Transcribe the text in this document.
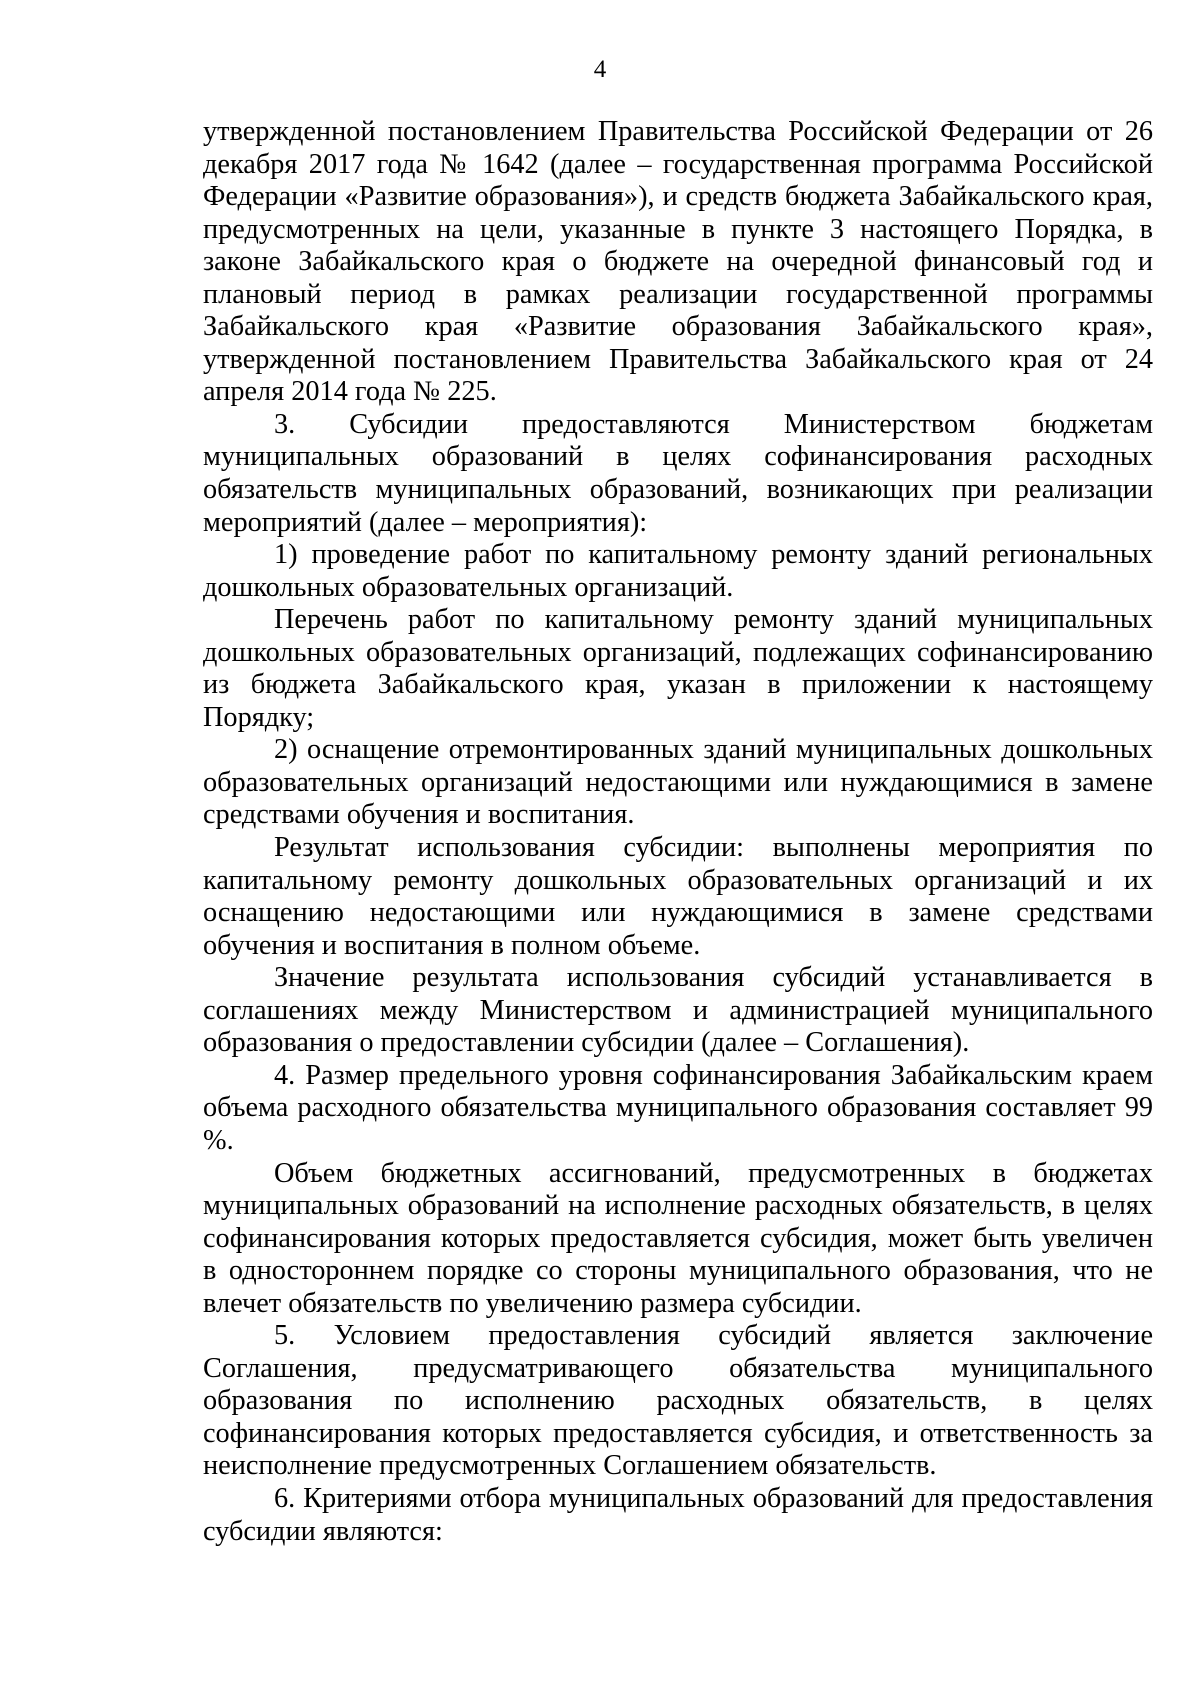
4

утвержденной постановлением Правительства Российской Федерации от 26 декабря 2017 года № 1642 (далее – государственная программа Российской Федерации «Развитие образования»), и средств бюджета Забайкальского края, предусмотренных на цели, указанные в пункте 3 настоящего Порядка, в законе Забайкальского края о бюджете на очередной финансовый год и плановый период в рамках реализации государственной программы Забайкальского края «Развитие образования Забайкальского края», утвержденной постановлением Правительства Забайкальского края от 24 апреля 2014 года № 225.

3. Субсидии предоставляются Министерством бюджетам муниципальных образований в целях софинансирования расходных обязательств муниципальных образований, возникающих при реализации мероприятий (далее – мероприятия):

1) проведение работ по капитальному ремонту зданий региональных дошкольных образовательных организаций.

Перечень работ по капитальному ремонту зданий муниципальных дошкольных образовательных организаций, подлежащих софинансированию из бюджета Забайкальского края, указан в приложении к настоящему Порядку;

2) оснащение отремонтированных зданий муниципальных дошкольных образовательных организаций недостающими или нуждающимися в замене средствами обучения и воспитания.

Результат использования субсидии: выполнены мероприятия по капитальному ремонту дошкольных образовательных организаций и их оснащению недостающими или нуждающимися в замене средствами обучения и воспитания в полном объеме.

Значение результата использования субсидий устанавливается в соглашениях между Министерством и администрацией муниципального образования о предоставлении субсидии (далее – Соглашения).

4. Размер предельного уровня софинансирования Забайкальским краем объема расходного обязательства муниципального образования составляет 99 %.

Объем бюджетных ассигнований, предусмотренных в бюджетах муниципальных образований на исполнение расходных обязательств, в целях софинансирования которых предоставляется субсидия, может быть увеличен в одностороннем порядке со стороны муниципального образования, что не влечет обязательств по увеличению размера субсидии.

5. Условием предоставления субсидий является заключение Соглашения, предусматривающего обязательства муниципального образования по исполнению расходных обязательств, в целях софинансирования которых предоставляется субсидия, и ответственность за неисполнение предусмотренных Соглашением обязательств.

6. Критериями отбора муниципальных образований для предоставления субсидии являются:
